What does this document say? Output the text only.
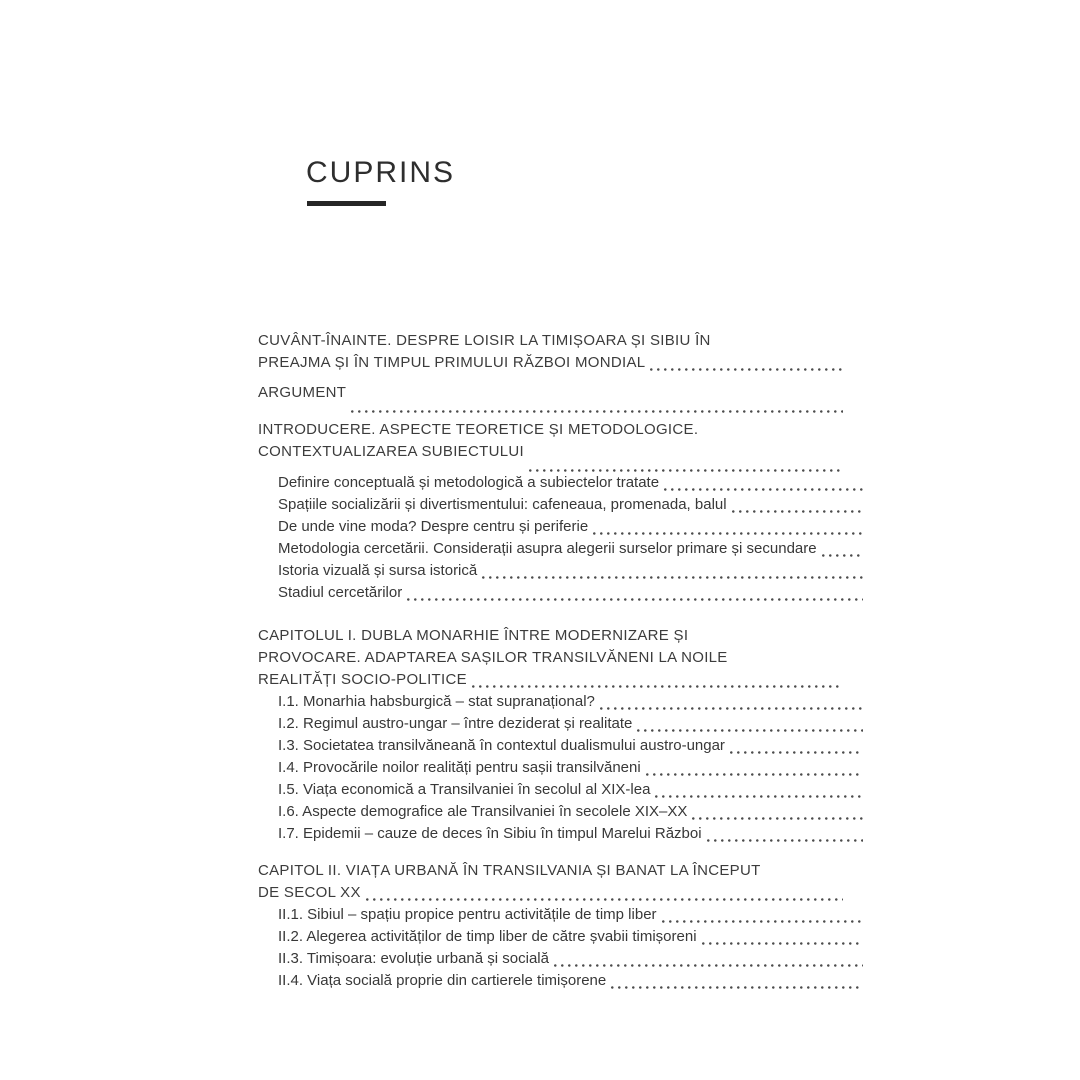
CUPRINS
CUVÂNT-ÎNAINTE. DESPRE LOISIR LA TIMIȘOARA ȘI SIBIU ÎN
PREAJMA ȘI ÎN TIMPUL PRIMULUI RĂZBOI MONDIAL
ARGUMENT
INTRODUCERE. ASPECTE TEORETICE ȘI METODOLOGICE.
CONTEXTUALIZAREA SUBIECTULUI
Definire conceptuală și metodologică a subiectelor tratate
Spațiile socializării și divertismentului: cafeneaua, promenada, balul
De unde vine moda? Despre centru și periferie
Metodologia cercetării. Considerații asupra alegerii surselor primare și secundare
Istoria vizuală și sursa istorică
Stadiul cercetărilor
CAPITOLUL I. DUBLA MONARHIE ÎNTRE MODERNIZARE ȘI
PROVOCARE. ADAPTAREA SAȘILOR TRANSILVĂNENI LA NOILE
REALITĂȚI SOCIO-POLITICE
I.1. Monarhia habsburgică – stat supranațional?
I.2. Regimul austro-ungar – între deziderat și realitate
I.3. Societatea transilvăneană în contextul dualismului austro-ungar
I.4. Provocările noilor realități pentru sașii transilvăneni
I.5. Viața economică a Transilvaniei în secolul al XIX-lea
I.6. Aspecte demografice ale Transilvaniei în secolele XIX–XX
I.7. Epidemii – cauze de deces în Sibiu în timpul Marelui Război
CAPITOL II. VIAȚA URBANĂ ÎN TRANSILVANIA ȘI BANAT LA ÎNCEPUT
DE SECOL XX
II.1. Sibiul – spațiu propice pentru activitățile de timp liber
II.2. Alegerea activităților de timp liber de către șvabii timișoreni
II.3. Timișoara: evoluție urbană și socială
II.4. Viața socială proprie din cartierele timișorene
